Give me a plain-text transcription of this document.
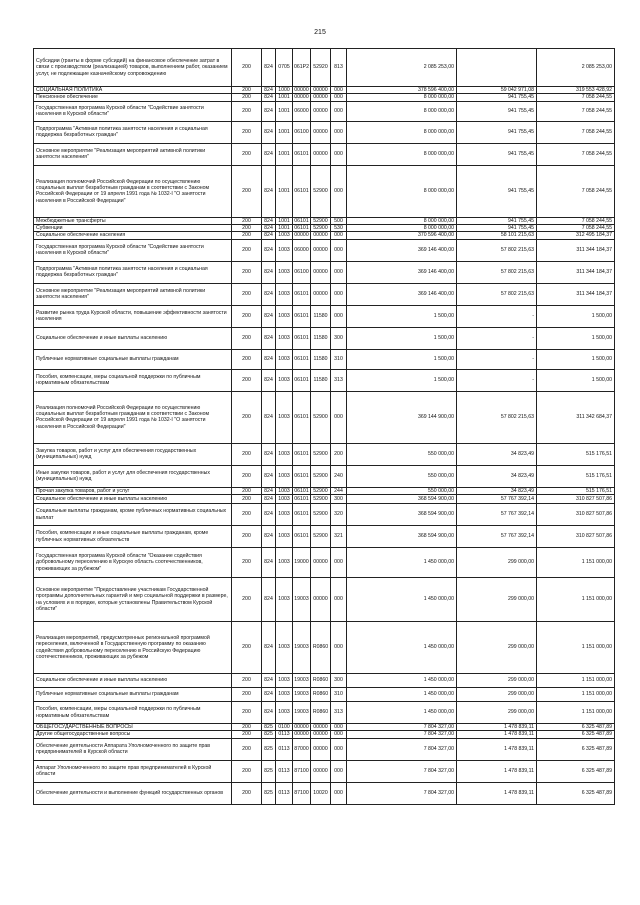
215
Субсидии (гранты в форме субсидий) на финансовое обеспечение затрат в связи с производством (реализацией) товаров, выполнением работ, оказанием услуг, не подлежащие казначейскому сопровождению	200	824	0705	061P2	52920	813	2 085 253,00		2 085 253,00
СОЦИАЛЬНАЯ ПОЛИТИКА	200	824	1000	00000	00000	000	378 596 400,00	59 042 971,08	319 553 428,92
Пенсионное обеспечение	200	824	1001	00000	00000	000	8 000 000,00	941 755,45	7 058 244,55
Государственная программа Курской области "Содействие занятости населения в Курской области"	200	824	1001	06000	00000	000	8 000 000,00	941 755,45	7 058 244,55
Подпрограмма "Активная политика занятости населения и социальная поддержка безработных граждан"	200	824	1001	06100	00000	000	8 000 000,00	941 755,45	7 058 244,55
Основное мероприятие "Реализация мероприятий активной политики занятости населения"	200	824	1001	06101	00000	000	8 000 000,00	941 755,45	7 058 244,55
Реализация полномочий Российской Федерации по осуществлению социальных выплат безработным гражданам в соответствии с Законом Российской Федерации от 19 апреля 1991 года № 1032-I "О занятости населения в Российской Федерации"	200	824	1001	06101	52900	000	8 000 000,00	941 755,45	7 058 244,55
Межбюджетные трансферты	200	824	1001	06101	52900	500	8 000 000,00	941 755,45	7 058 244,55
Субвенции	200	824	1001	06101	52900	530	8 000 000,00	941 755,45	7 058 244,55
Социальное обеспечение населения	200	824	1003	00000	00000	000	370 596 400,00	58 101 215,63	312 495 184,37
Государственная программа Курской области "Содействие занятости населения в Курской области"	200	824	1003	06000	00000	000	369 146 400,00	57 802 215,63	311 344 184,37
Подпрограмма "Активная политика занятости населения и социальная поддержка безработных граждан"	200	824	1003	06100	00000	000	369 146 400,00	57 802 215,63	311 344 184,37
Основное мероприятие "Реализация мероприятий активной политики занятости населения"	200	824	1003	06101	00000	000	369 146 400,00	57 802 215,63	311 344 184,37
Развитие рынка труда Курской области, повышение эффективности занятости населения	200	824	1003	06101	11580	000	1 500,00	-	1 500,00
Социальное обеспечение и иные выплаты населению	200	824	1003	06101	11580	300	1 500,00	-	1 500,00
Публичные нормативные социальные выплаты гражданам	200	824	1003	06101	11580	310	1 500,00	-	1 500,00
Пособия, компенсации, меры социальной поддержки по публичным нормативным обязательствам	200	824	1003	06101	11580	313	1 500,00	-	1 500,00
Реализация полномочий Российской Федерации по осуществлению социальных выплат безработным гражданам в соответствии с Законом Российской Федерации от 19 апреля 1991 года № 1032-I "О занятости населения в Российской Федерации"	200	824	1003	06101	52900	000	369 144 900,00	57 802 215,63	311 342 684,37
Закупка товаров, работ и услуг для обеспечения государственных (муниципальных) нужд	200	824	1003	06101	52900	200	550 000,00	34 823,49	515 176,51
Иные закупки товаров, работ и услуг для обеспечения государственных (муниципальных) нужд	200	824	1003	06101	52900	240	550 000,00	34 823,49	515 176,51
Прочая закупка товаров, работ и услуг	200	824	1003	06101	52900	244	550 000,00	34 823,49	515 176,51
Социальное обеспечение и иные выплаты населению	200	824	1003	06101	52900	300	368 594 900,00	57 767 392,14	310 827 507,86
Социальные выплаты гражданам, кроме публичных нормативных социальных выплат	200	824	1003	06101	52900	320	368 594 900,00	57 767 392,14	310 827 507,86
Пособия, компенсации и иные социальные выплаты гражданам, кроме публичных нормативных обязательств	200	824	1003	06101	52900	321	368 594 900,00	57 767 392,14	310 827 507,86
Государственная программа Курской области "Оказание содействия добровольному переселению в Курскую область соотечественников, проживающих за рубежом"	200	824	1003	19000	00000	000	1 450 000,00	299 000,00	1 151 000,00
Основное мероприятие "Предоставление участникам Государственной программы дополнительных гарантий и мер социальной поддержки в размере, на условиях и в порядке, которые установлены Правительством Курской области"	200	824	1003	19003	00000	000	1 450 000,00	299 000,00	1 151 000,00
Реализация мероприятий, предусмотренных региональной программой переселения, включенной в Государственную программу по оказанию содействия добровольному переселению в Российскую Федерацию соотечественников, проживающих за рубежом	200	824	1003	19003	R0860	000	1 450 000,00	299 000,00	1 151 000,00
Социальное обеспечение и иные выплаты населению	200	824	1003	19003	R0860	300	1 450 000,00	299 000,00	1 151 000,00
Публичные нормативные социальные выплаты гражданам	200	824	1003	19003	R0860	310	1 450 000,00	299 000,00	1 151 000,00
Пособия, компенсации, меры социальной поддержки по публичным нормативным обязательствам	200	824	1003	19003	R0860	313	1 450 000,00	299 000,00	1 151 000,00
ОБЩЕГОСУДАРСТВЕННЫЕ ВОПРОСЫ	200	825	0100	00000	00000	000	7 804 327,00	1 478 839,11	6 325 487,89
Другие общегосударственные вопросы	200	825	0113	00000	00000	000	7 804 327,00	1 478 839,11	6 325 487,89
Обеспечение деятельности Аппарата Уполномоченного по защите прав предпринимателей в Курской области	200	825	0113	87000	00000	000	7 804 327,00	1 478 839,11	6 325 487,89
Аппарат Уполномоченного по защите прав предпринимателей в Курской области	200	825	0113	87100	00000	000	7 804 327,00	1 478 839,11	6 325 487,89
Обеспечение деятельности и выполнение функций государственных органов	200	825	0113	87100	10020	000	7 804 327,00	1 478 839,11	6 325 487,89
